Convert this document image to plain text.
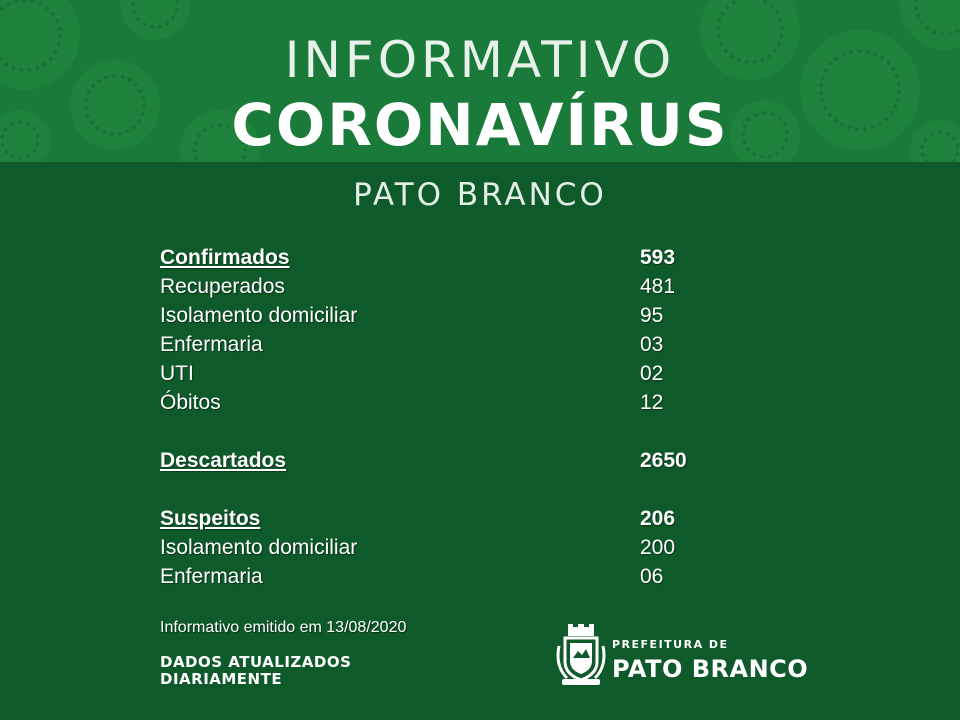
INFORMATIVO
CORONAVÍRUS
PATO BRANCO
Confirmados	593
Recuperados	481
Isolamento domiciliar	95
Enfermaria	03
UTI	02
Óbitos	12
Descartados	2650
Suspeitos	206
Isolamento domiciliar	200
Enfermaria	06
Informativo emitido em 13/08/2020
DADOS ATUALIZADOS
DIARIAMENTE
PREFEITURA DE
PATO BRANCO
